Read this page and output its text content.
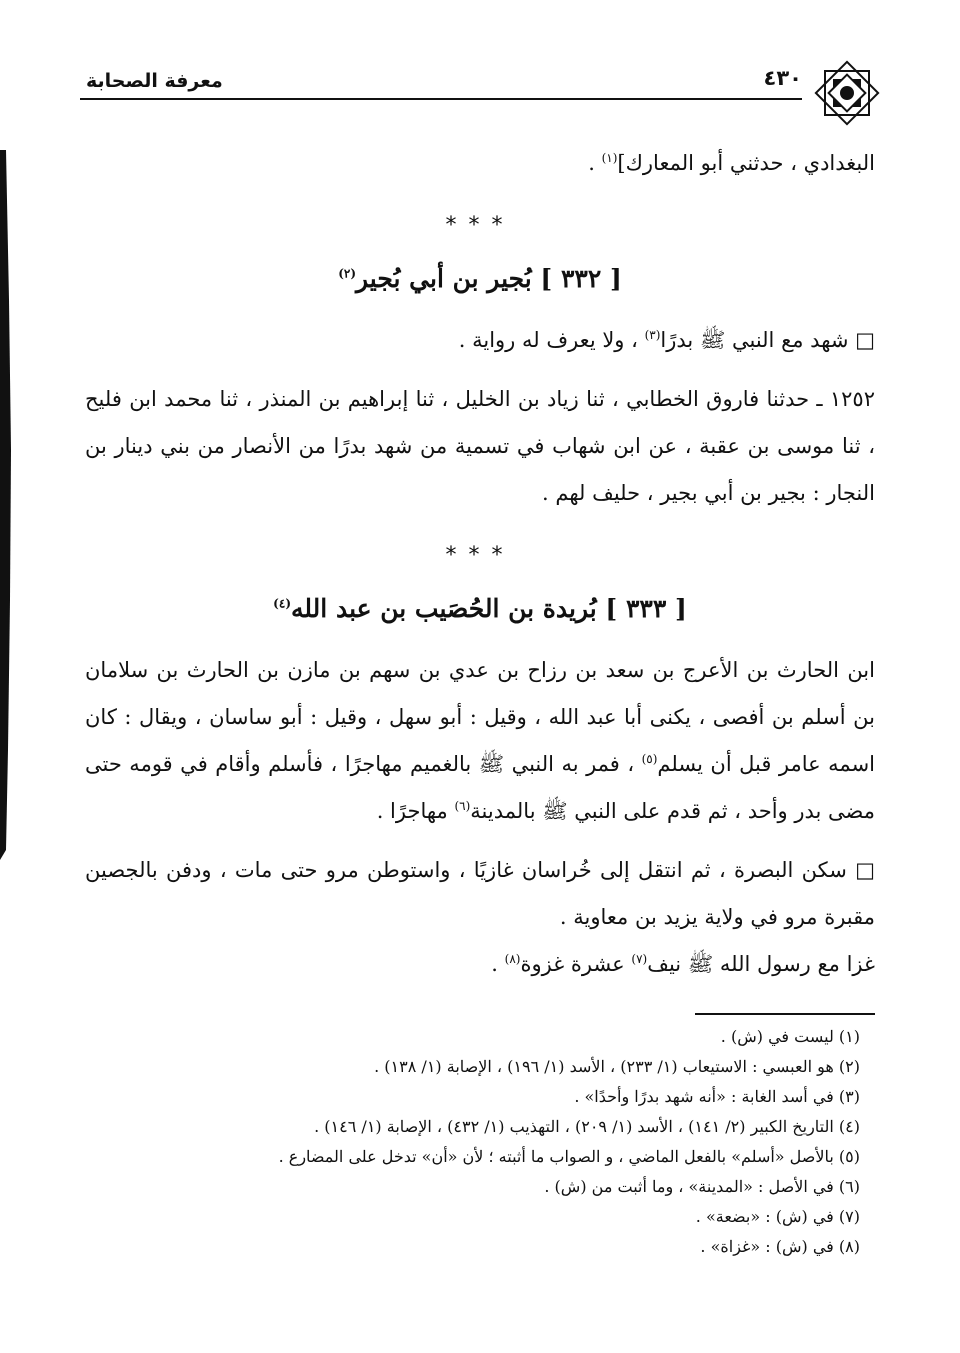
معرفة الصحابة	٤٣٠

البغدادي ، حدثني أبو المعارك]$^{(١)}$ .

***
[ ٣٣٢ ] بُجير بن أبي بُجير$^{(٢)}$

□ شهد مع النبي ﷺ بدرًا$^{(٣)}$ ، ولا يعرف له رواية .

١٢٥٢ ـ حدثنا فاروق الخطابي ، ثنا زياد بن الخليل ، ثنا إبراهيم بن المنذر ، ثنا محمد ابن فليح ، ثنا موسى بن عقبة ، عن ابن شهاب في تسمية من شهد بدرًا من الأنصار من بني دينار بن النجار : بجير بن أبي بجير ، حليف لهم .

***
[ ٣٣٣ ] بُريدة بن الحُصَيب بن عبد الله$^{(٤)}$

ابن الحارث بن الأعرج بن سعد بن رزاح بن عدي بن سهم بن مازن بن الحارث بن سلامان بن أسلم بن أفصى ، يكنى أبا عبد الله ، وقيل : أبو سهل ، وقيل : أبو ساسان ، ويقال : كان اسمه عامر قبل أن يسلم$^{(٥)}$ ، فمر به النبي ﷺ بالغميم مهاجرًا ، فأسلم وأقام في قومه حتى مضى بدر وأحد ، ثم قدم على النبي ﷺ بالمدينة$^{(٦)}$ مهاجرًا .

□ سكن البصرة ، ثم انتقل إلى خُراسان غازيًا ، واستوطن مرو حتى مات ، ودفن بالجصين مقبرة مرو في ولاية يزيد بن معاوية .

غزا مع رسول الله ﷺ نيف$^{(٧)}$ عشرة غزوة$^{(٨)}$ .

(١) ليست في (ش) .

(٢) هو العبسي : الاستيعاب (١/ ٢٣٣) ، الأسد (١/ ١٩٦) ، الإصابة (١/ ١٣٨) .

(٣) في أسد الغابة : «أنه شهد بدرًا وأحدًا» .

(٤) التاريخ الكبير (٢/ ١٤١) ، الأسد (١/ ٢٠٩) ، التهذيب (١/ ٤٣٢) ، الإصابة (١/ ١٤٦) .

(٥) بالأصل «أسلم» بالفعل الماضي ، و الصواب ما أثبته ؛ لأن «أن» تدخل على المضارع .

(٦) في الأصل : «المدينة» ، وما أثبت من (ش) .

(٧) في (ش) : «بضعة» .

(٨) في (ش) : «غزاة» .
